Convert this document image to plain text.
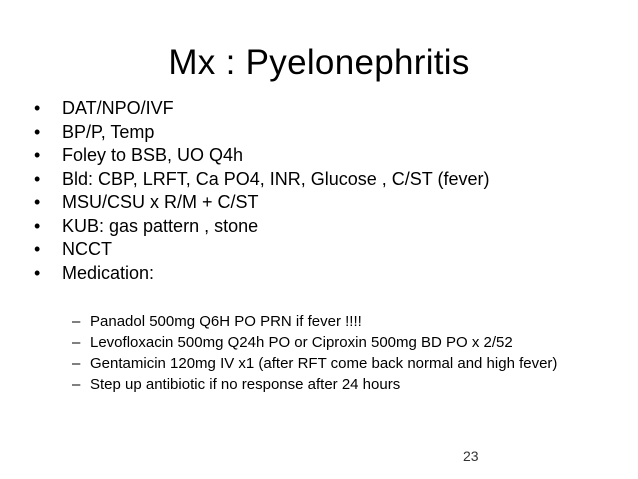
Mx : Pyelonephritis
• DAT/NPO/IVF
• BP/P, Temp
• Foley to BSB, UO Q4h
• Bld: CBP, LRFT, Ca PO4, INR, Glucose , C/ST (fever)
• MSU/CSU x R/M + C/ST
• KUB: gas pattern , stone
• NCCT
• Medication:
– Panadol 500mg Q6H PO PRN if fever !!!!
– Levofloxacin 500mg Q24h PO or Ciproxin 500mg BD PO x 2/52
– Gentamicin 120mg IV x1 (after RFT come back normal and high fever)
– Step up antibiotic if no response after 24 hours
23
